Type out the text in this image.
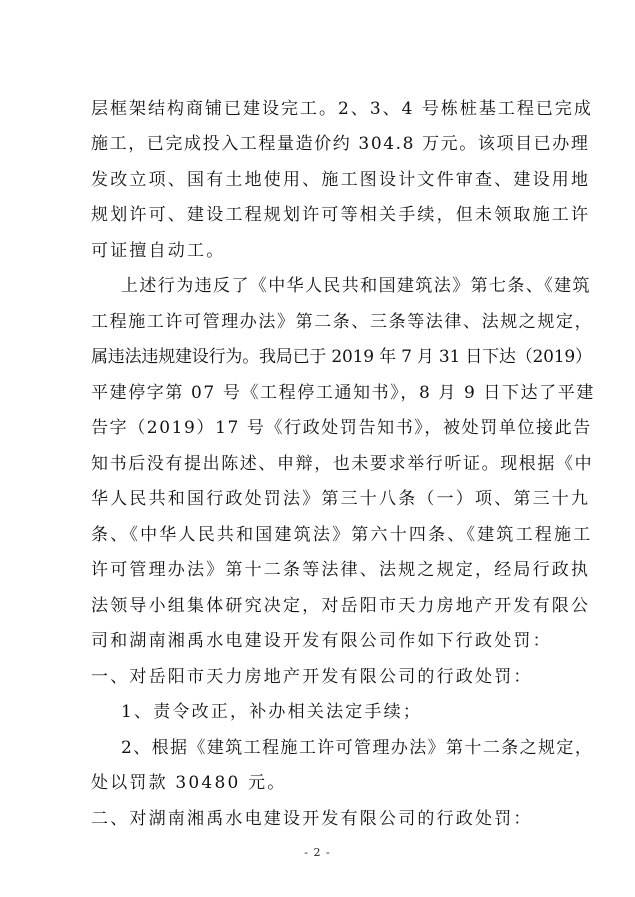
层框架结构商铺已建设完工。2、3、4 号栋桩基工程已完成
施工，已完成投入工程量造价约 304.8 万元。该项目已办理
发改立项、国有土地使用、施工图设计文件审查、建设用地
规划许可、建设工程规划许可等相关手续，但未领取施工许
可证擅自动工。
上述行为违反了《中华人民共和国建筑法》第七条、《建筑
工程施工许可管理办法》第二条、三条等法律、法规之规定，
属违法违规建设行为。我局已于 2019 年 7 月 31 日下达（2019）
平建停字第 07 号《工程停工通知书》，8 月 9 日下达了平建
告字（2019）17 号《行政处罚告知书》，被处罚单位接此告
知书后没有提出陈述、申辩，也未要求举行听证。现根据《中
华人民共和国行政处罚法》第三十八条（一）项、第三十九
条、《中华人民共和国建筑法》第六十四条、《建筑工程施工
许可管理办法》第十二条等法律、法规之规定，经局行政执
法领导小组集体研究决定，对岳阳市天力房地产开发有限公
司和湖南湘禹水电建设开发有限公司作如下行政处罚：
一、对岳阳市天力房地产开发有限公司的行政处罚：
1、责令改正，补办相关法定手续；
2、根据《建筑工程施工许可管理办法》第十二条之规定，
处以罚款 30480 元。
二、对湖南湘禹水电建设开发有限公司的行政处罚：
- 2 -
